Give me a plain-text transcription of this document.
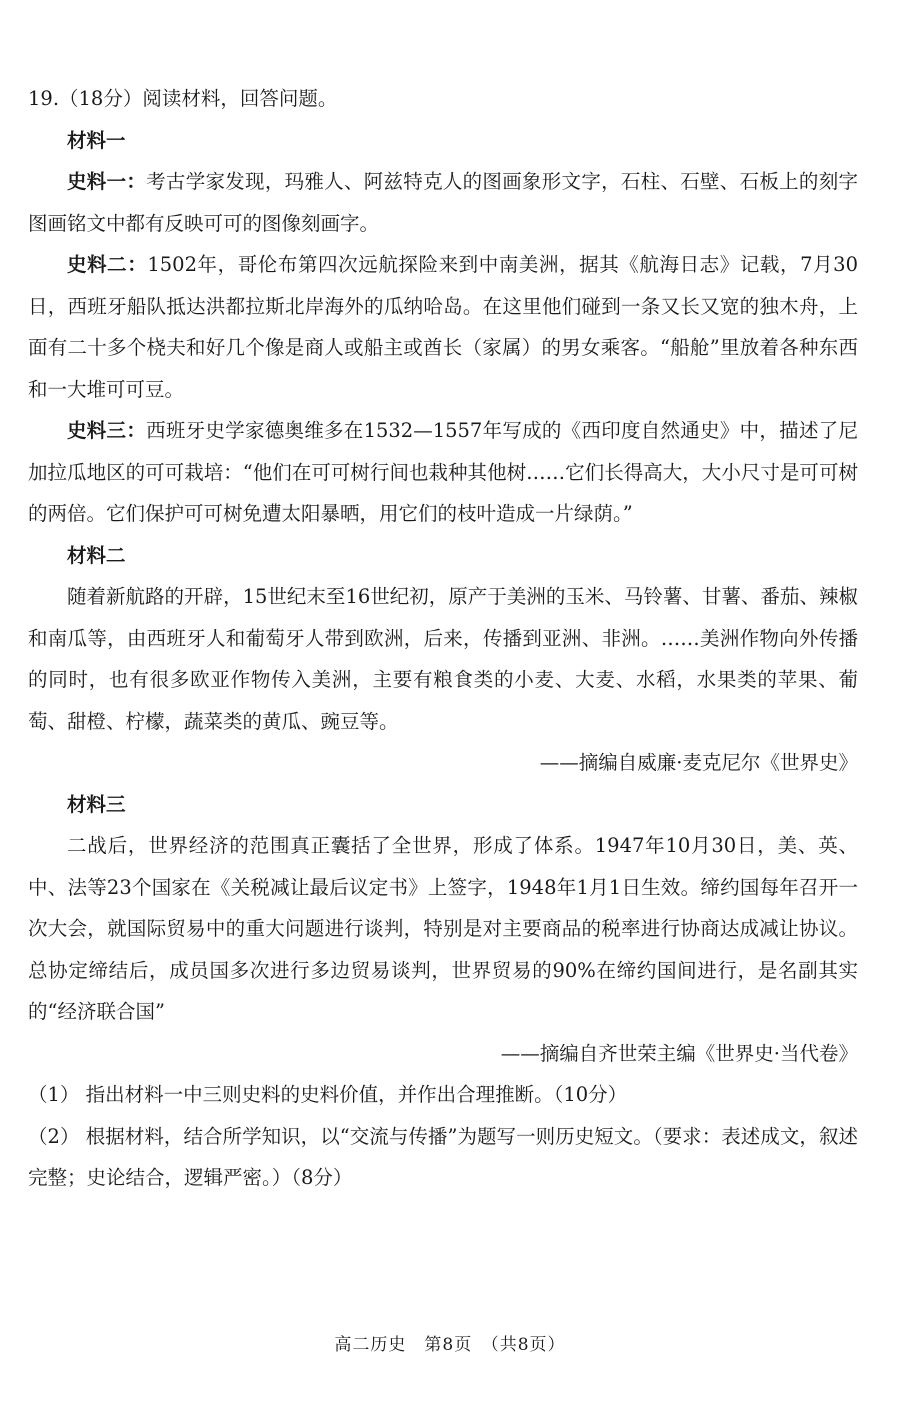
19.（18分）阅读材料，回答问题。

材料一

史料一：考古学家发现，玛雅人、阿兹特克人的图画象形文字，石柱、石壁、石板上的刻字图画铭文中都有反映可可的图像刻画字。

史料二：1502年，哥伦布第四次远航探险来到中南美洲，据其《航海日志》记载，7月30日，西班牙船队抵达洪都拉斯北岸海外的瓜纳哈岛。在这里他们碰到一条又长又宽的独木舟，上面有二十多个桡夫和好几个像是商人或船主或酋长（家属）的男女乘客。“船舱”里放着各种东西和一大堆可可豆。

史料三：西班牙史学家德奥维多在1532—1557年写成的《西印度自然通史》中，描述了尼加拉瓜地区的可可栽培：“他们在可可树行间也栽种其他树……它们长得高大，大小尺寸是可可树的两倍。它们保护可可树免遭太阳暴晒，用它们的枝叶造成一片绿荫。”

材料二

随着新航路的开辟，15世纪末至16世纪初，原产于美洲的玉米、马铃薯、甘薯、番茄、辣椒和南瓜等，由西班牙人和葡萄牙人带到欧洲，后来，传播到亚洲、非洲。……美洲作物向外传播的同时，也有很多欧亚作物传入美洲，主要有粮食类的小麦、大麦、水稻，水果类的苹果、葡萄、甜橙、柠檬，蔬菜类的黄瓜、豌豆等。

——摘编自威廉·麦克尼尔《世界史》

材料三

二战后，世界经济的范围真正囊括了全世界，形成了体系。1947年10月30日，美、英、中、法等23个国家在《关税减让最后议定书》上签字，1948年1月1日生效。缔约国每年召开一次大会，就国际贸易中的重大问题进行谈判，特别是对主要商品的税率进行协商达成减让协议。总协定缔结后，成员国多次进行多边贸易谈判，世界贸易的90%在缔约国间进行，是名副其实的“经济联合国”

——摘编自齐世荣主编《世界史·当代卷》

（1） 指出材料一中三则史料的史料价值，并作出合理推断。（10分）

（2） 根据材料，结合所学知识，以“交流与传播”为题写一则历史短文。（要求：表述成文，叙述完整；史论结合，逻辑严密。）（8分）

高二历史　第8页　（共8页）
